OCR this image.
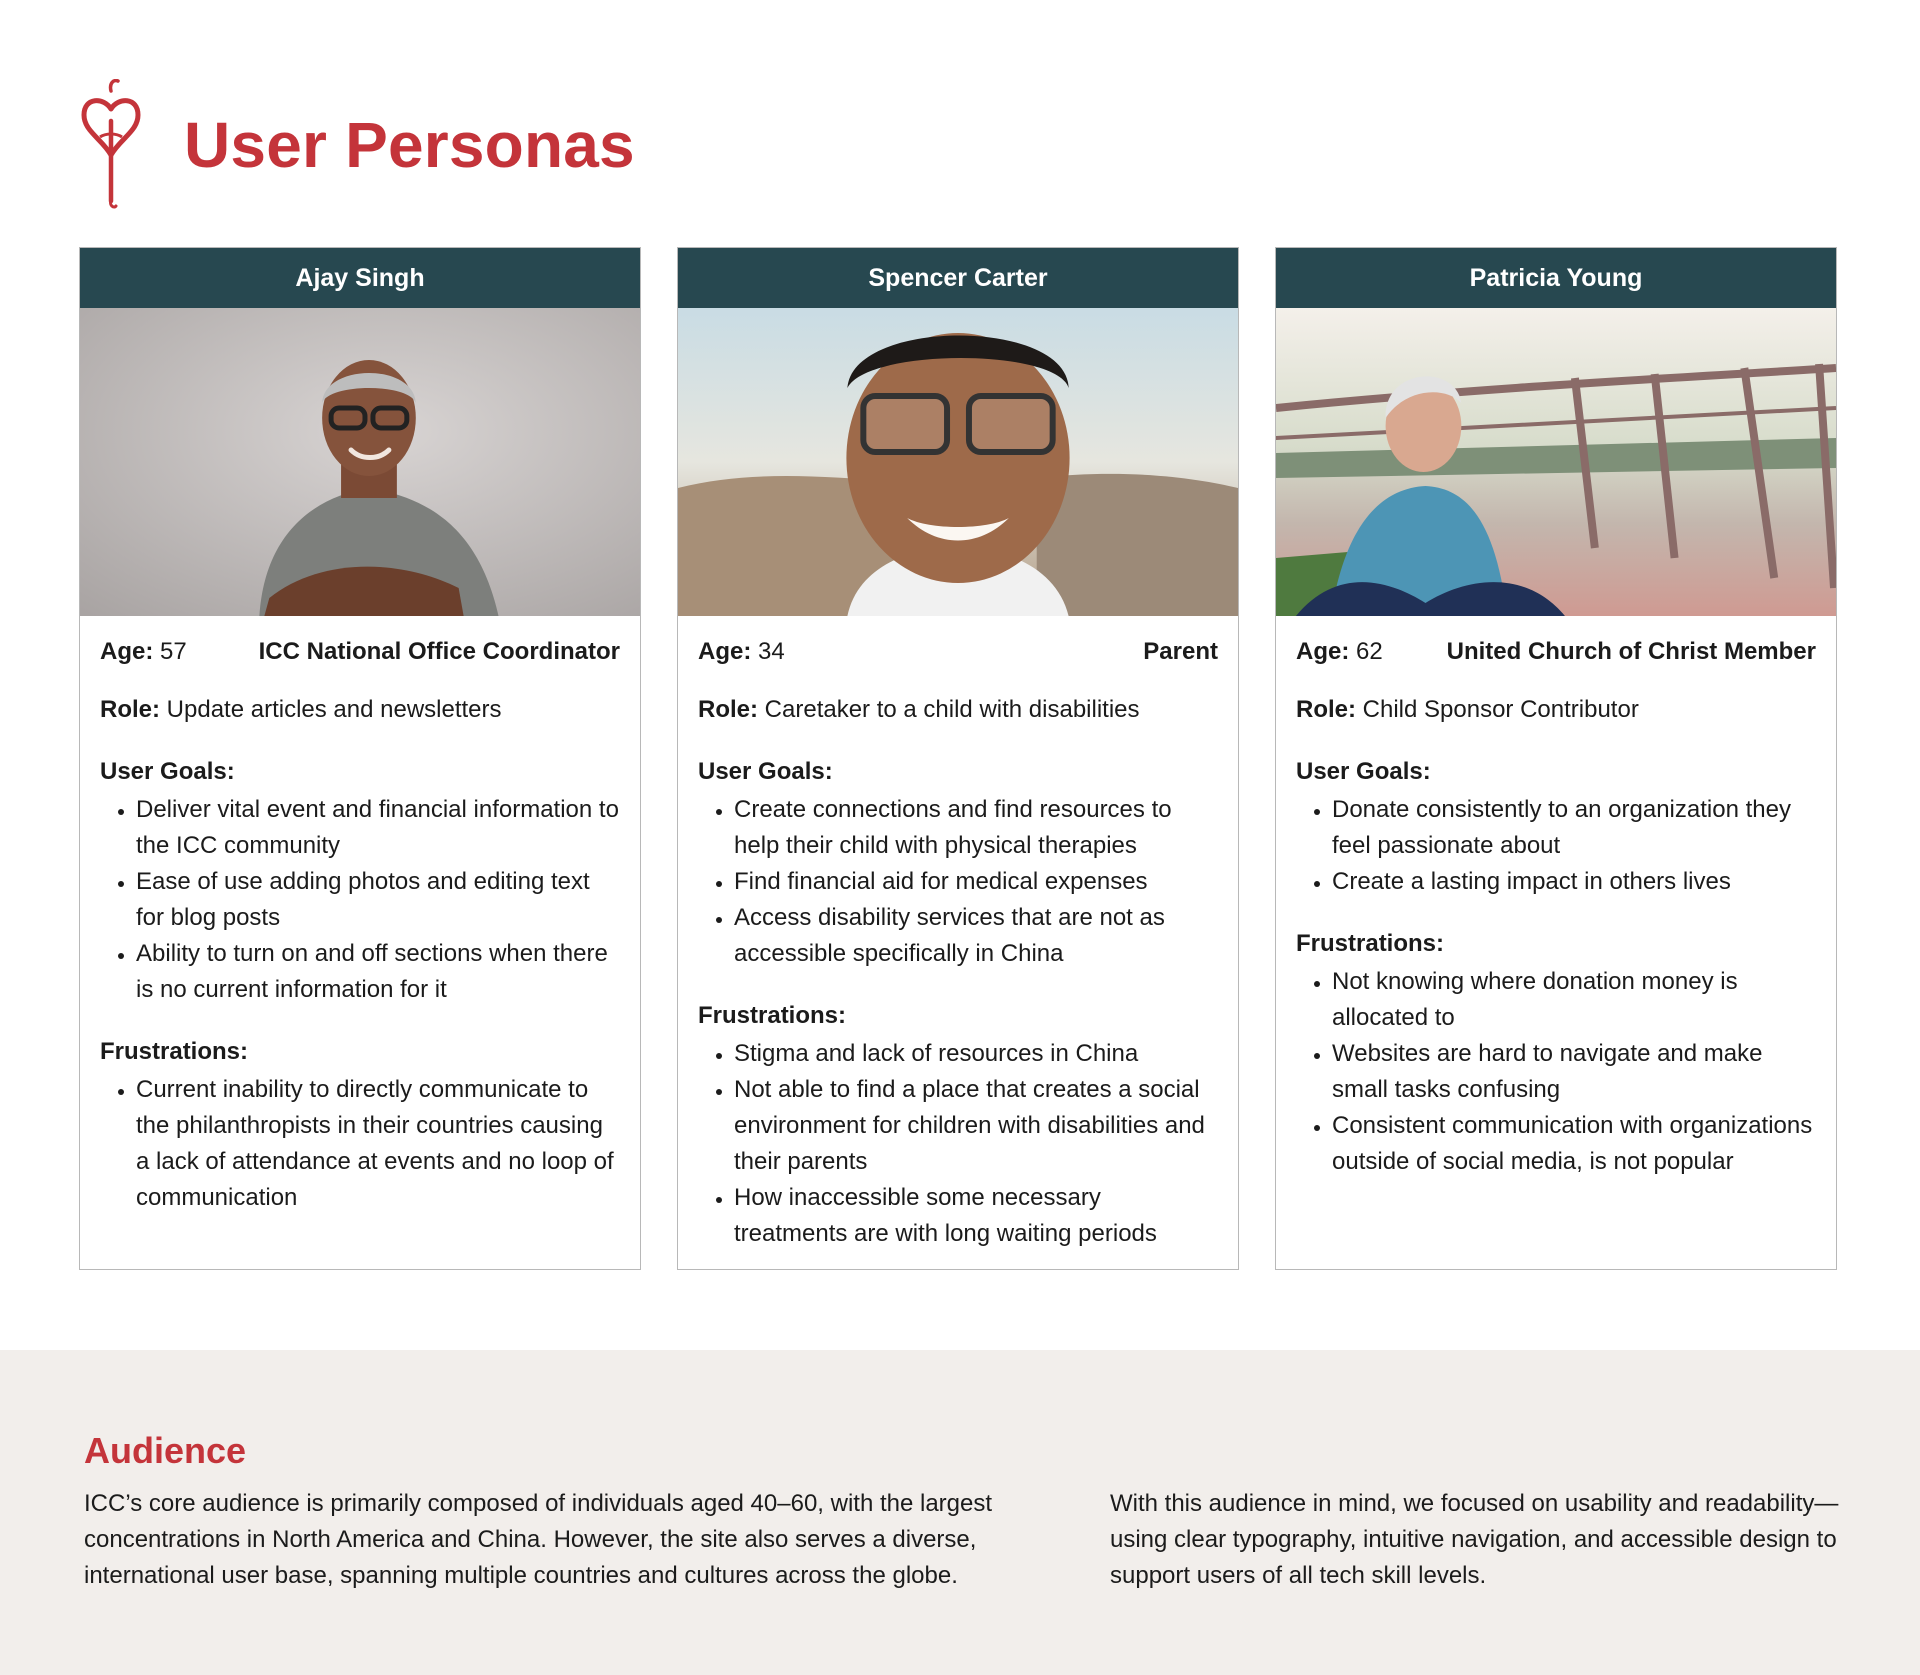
User Personas
Ajay Singh
Age: 57	ICC National Office Coordinator
Role: Update articles and newsletters
User Goals:
• Deliver vital event and financial information to the ICC community
• Ease of use adding photos and editing text for blog posts
• Ability to turn on and off sections when there is no current information for it
Frustrations:
• Current inability to directly communicate to the philanthropists in their countries causing a lack of attendance at events and no loop of communication
Spencer Carter
Age: 34	Parent
Role: Caretaker to a child with disabilities
User Goals:
• Create connections and find resources to help their child with physical therapies
• Find financial aid for medical expenses
• Access disability services that are not as accessible specifically in China
Frustrations:
• Stigma and lack of resources in China
• Not able to find a place that creates a social environment for children with disabilities and their parents
• How inaccessible some necessary treatments are with long waiting periods
Patricia Young
Age: 62	United Church of Christ Member
Role: Child Sponsor Contributor
User Goals:
• Donate consistently to an organization they feel passionate about
• Create a lasting impact in others lives
Frustrations:
• Not knowing where donation money is allocated to
• Websites are hard to navigate and make small tasks confusing
• Consistent communication with organizations outside of social media, is not popular
Audience

ICC’s core audience is primarily composed of individuals aged 40–60, with the largest concentrations in North America and China. However, the site also serves a diverse, international user base, spanning multiple countries and cultures across the globe.

With this audience in mind, we focused on usability and readability—using clear typography, intuitive navigation, and accessible design to support users of all tech skill levels.
